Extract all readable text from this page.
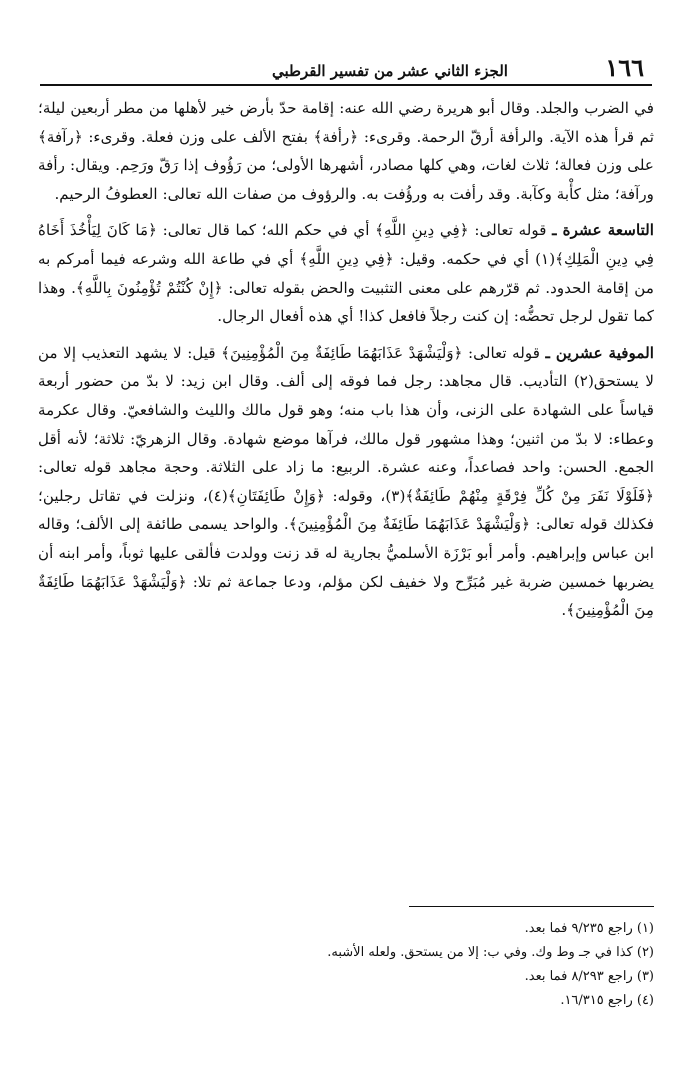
١٦٦
الجزء الثاني عشر من تفسير القرطبي

في الضرب والجلد. وقال أبو هريرة رضي الله عنه: إقامة حدّ بأرض خير لأهلها من مطر أربعين ليلة؛ ثم قرأ هذه الآية. والرأفة أرقّ الرحمة. وقرىء: ﴿رأفة﴾ بفتح الألف على وزن فعلة. وقرىء: ﴿رآفة﴾ على وزن فعالة؛ ثلاث لغات، وهي كلها مصادر، أشهرها الأولى؛ من رَؤُوف إذا رَقّ ورَحِم. ويقال: رأفة ورآفة؛ مثل كأْبة وكآبة. وقد رأفت به ورؤُفت به. والرؤوف من صفات الله تعالى: العطوفُ الرحيم.

التاسعة عشرة ـ قوله تعالى: ﴿فِي دِينِ اللَّهِ﴾ أي في حكم الله؛ كما قال تعالى: ﴿مَا كَانَ لِيَأْخُذَ أَخَاهُ فِي دِينِ الْمَلِكِ﴾(١) أي في حكمه. وقيل: ﴿فِي دِينِ اللَّهِ﴾ أي في طاعة الله وشرعه فيما أمركم به من إقامة الحدود. ثم قرّرهم على معنى التثبيت والحض بقوله تعالى: ﴿إِنْ كُنْتُمْ تُؤْمِنُونَ بِاللَّهِ﴾. وهذا كما تقول لرجل تحضُّه: إن كنت رجلاً فافعل كذا! أي هذه أفعال الرجال.

الموفية عشرين ـ قوله تعالى: ﴿وَلْيَشْهَدْ عَذَابَهُمَا طَائِفَةٌ مِنَ الْمُؤْمِنِينَ﴾ قيل: لا يشهد التعذيب إلا من لا يستحق(٢) التأديب. قال مجاهد: رجل فما فوقه إلى ألف. وقال ابن زيد: لا بدّ من حضور أربعة قياساً على الشهادة على الزنى، وأن هذا باب منه؛ وهو قول مالك والليث والشافعيّ. وقال عكرمة وعطاء: لا بدّ من اثنين؛ وهذا مشهور قول مالك، فرآها موضع شهادة. وقال الزهريّ: ثلاثة؛ لأنه أقل الجمع. الحسن: واحد فصاعداً، وعنه عشرة. الربيع: ما زاد على الثلاثة. وحجة مجاهد قوله تعالى: ﴿فَلَوْلَا نَفَرَ مِنْ كُلِّ فِرْقَةٍ مِنْهُمْ طَائِفَةٌ﴾(٣)، وقوله: ﴿وَإِنْ طَائِفَتَانِ﴾(٤)، ونزلت في تقاتل رجلين؛ فكذلك قوله تعالى: ﴿وَلْيَشْهَدْ عَذَابَهُمَا طَائِفَةٌ مِنَ الْمُؤْمِنِينَ﴾. والواحد يسمى طائفة إلى الألف؛ وقاله ابن عباس وإبراهيم. وأمر أبو بَرْزَة الأسلميُّ بجارية له قد زنت وولدت فألقى عليها ثوباً، وأمر ابنه أن يضربها خمسين ضربة غير مُبَرِّح ولا خفيف لكن مؤلم، ودعا جماعة ثم تلا: ﴿وَلْيَشْهَدْ عَذَابَهُمَا طَائِفَةٌ مِنَ الْمُؤْمِنِينَ﴾.

(١) راجع ٩/٢٣٥ فما بعد.
(٢) كذا في جـ وط وك. وفي ب: إلا من يستحق. ولعله الأشبه.
(٣) راجع ٨/٢٩٣ فما بعد.
(٤) راجع ١٦/٣١٥.
